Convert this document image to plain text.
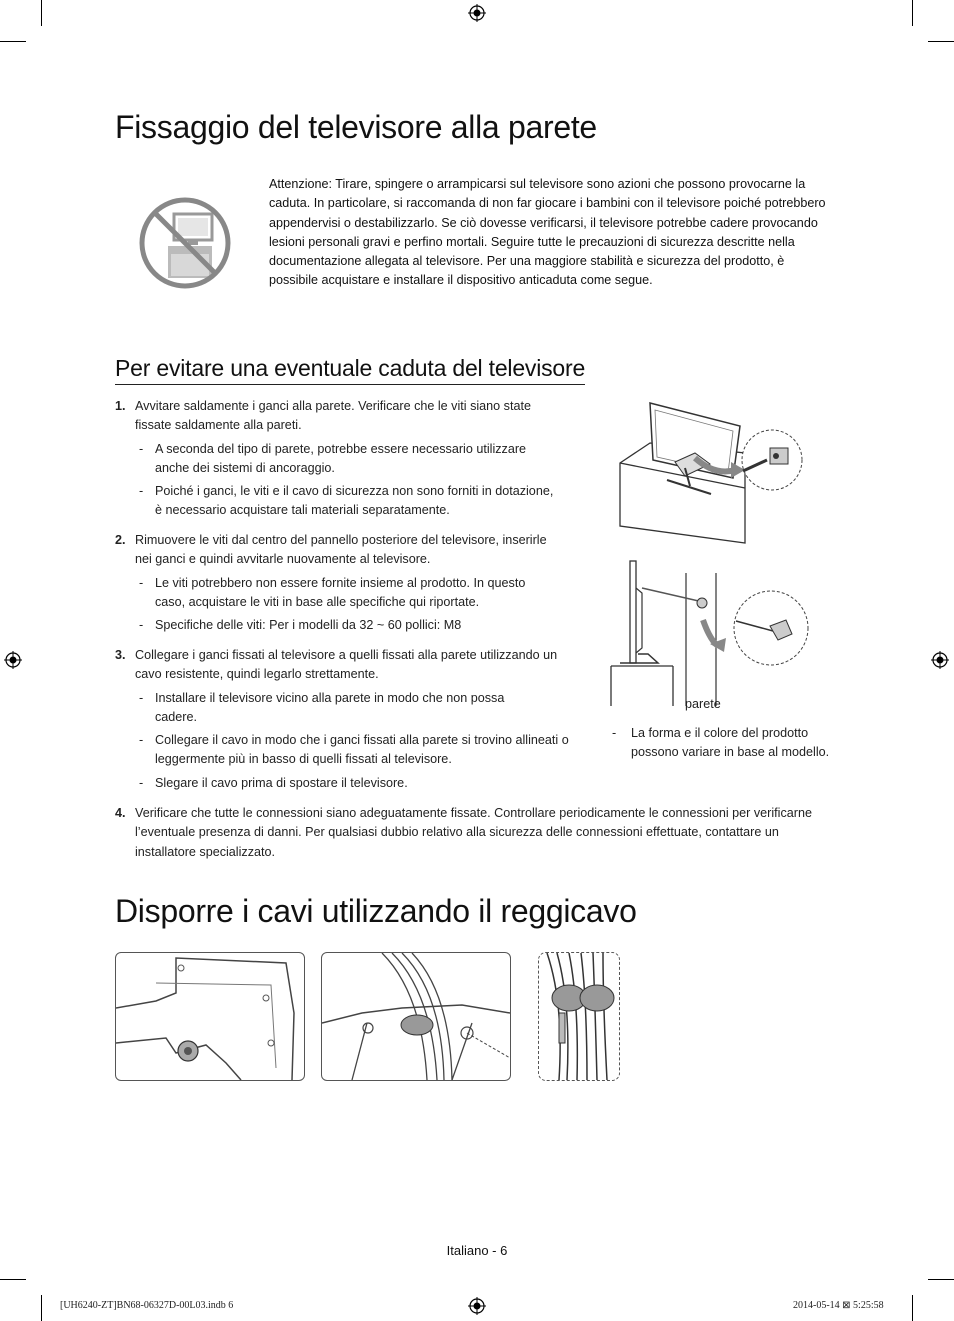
Fissaggio del televisore alla parete
Attenzione: Tirare, spingere o arrampicarsi sul televisore sono azioni che possono provocarne la caduta. In particolare, si raccomanda di non far giocare i bambini con il televisore poiché potrebbero appendervisi o destabilizzarlo. Se ciò dovesse verificarsi, il televisore potrebbe cadere provocando lesioni personali gravi e perfino mortali. Seguire tutte le precauzioni di sicurezza descritte nella documentazione allegata al televisore. Per una maggiore stabilità e sicurezza del prodotto, è possibile acquistare e installare il dispositivo anticaduta come segue.
Per evitare una eventuale caduta del televisore
1. Avvitare saldamente i ganci alla parete. Verificare che le viti siano state fissate saldamente alla pareti.
- A seconda del tipo di parete, potrebbe essere necessario utilizzare anche dei sistemi di ancoraggio.
- Poiché i ganci, le viti e il cavo di sicurezza non sono forniti in dotazione, è necessario acquistare tali materiali separatamente.
2. Rimuovere le viti dal centro del pannello posteriore del televisore, inserirle nei ganci e quindi avvitarle nuovamente al televisore.
- Le viti potrebbero non essere fornite insieme al prodotto. In questo caso, acquistare le viti in base alle specifiche qui riportate.
- Specifiche delle viti: Per i modelli da 32 ~ 60 pollici: M8
3. Collegare i ganci fissati al televisore a quelli fissati alla parete utilizzando un cavo resistente, quindi legarlo strettamente.
- Installare il televisore vicino alla parete in modo che non possa cadere.
- Collegare il cavo in modo che i ganci fissati alla parete si trovino allineati o leggermente più in basso di quelli fissati al televisore.
- Slegare il cavo prima di spostare il televisore.
4. Verificare che tutte le connessioni siano adeguatamente fissate. Controllare periodicamente le connessioni per verificarne l’eventuale presenza di danni. Per qualsiasi dubbio relativo alla sicurezza delle connessioni effettuate, contattare un installatore specializzato.
parete
- La forma e il colore del prodotto possono variare in base al modello.
Disporre i cavi utilizzando il reggicavo
Italiano - 6
[UH6240-ZT]BN68-06327D-00L03.indb 6	2014-05-14 ⊠ 5:25:58
